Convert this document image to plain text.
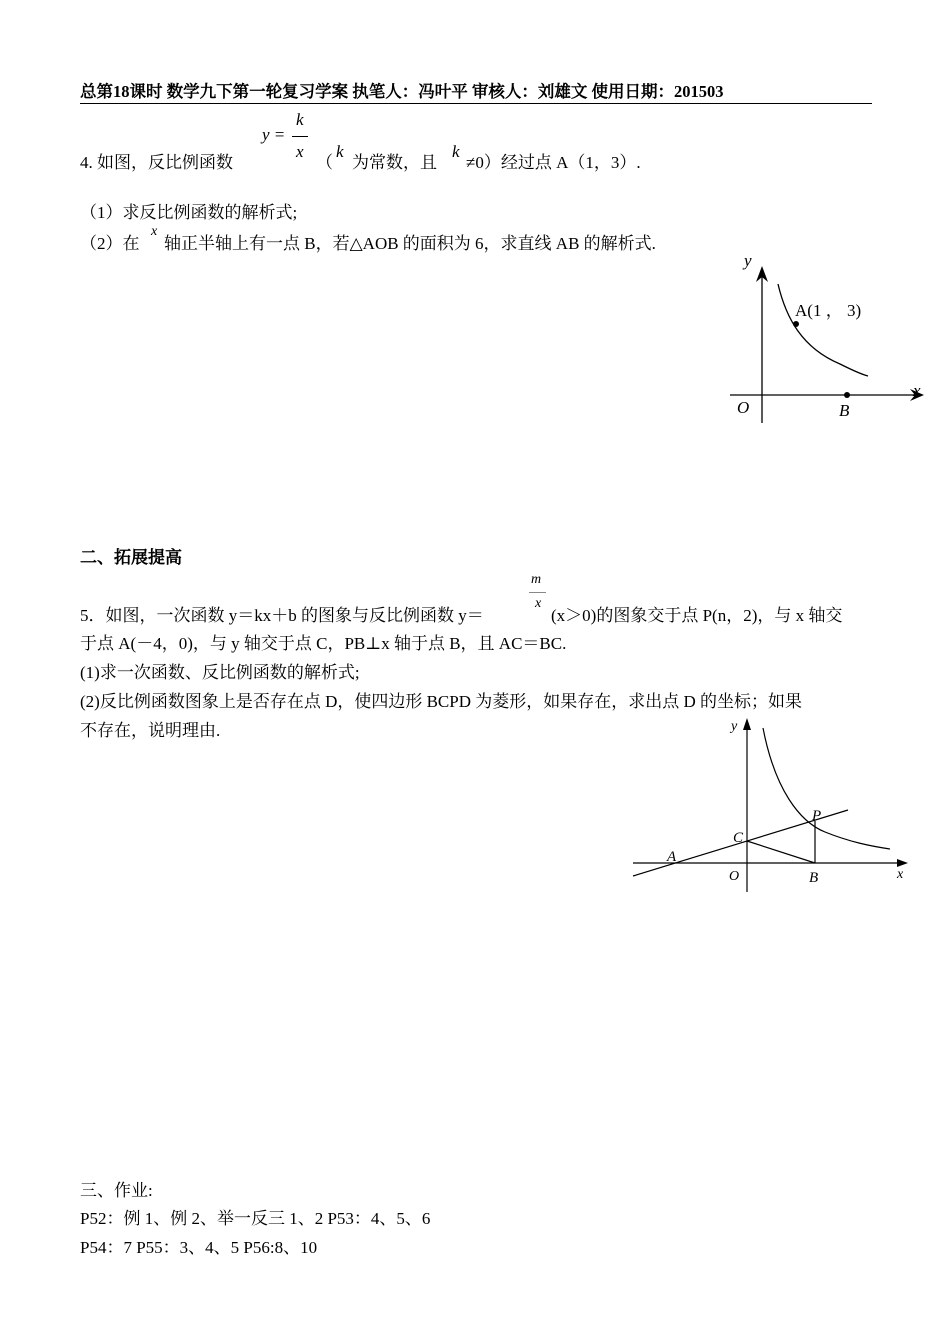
总第18课时 数学九下第一轮复习学案 执笔人：冯叶平 审核人：刘雄文 使用日期：201503
y =
k
x
4. 如图，反比例函数	（
k
为常数，且
k
≠0）经过点 A（1，3）.
（1）求反比例函数的解析式;
（2）在
x
轴正半轴上有一点 B，若△AOB 的面积为 6，求直线 AB 的解析式.
y
x
O
A(1 ， 3)
B
二、拓展提高
m
x
5．如图，一次函数 y＝kx＋b 的图象与反比例函数 y＝	(x＞0)的图象交于点 P(n，2)，与 x 轴交
于点 A(－4，0)，与 y 轴交于点 C，PB⊥x 轴于点 B，且 AC＝BC.
(1)求一次函数、反比例函数的解析式;
(2)反比例函数图象上是否存在点 D，使四边形 BCPD 为菱形，如果存在，求出点 D 的坐标；如果
不存在，说明理由.	y
x
O
A
B
C
P
三、作业:
P52：例 1、例 2、举一反三 1、2 P53：4、5、6
P54：7 P55：3、4、5 P56:8、10
